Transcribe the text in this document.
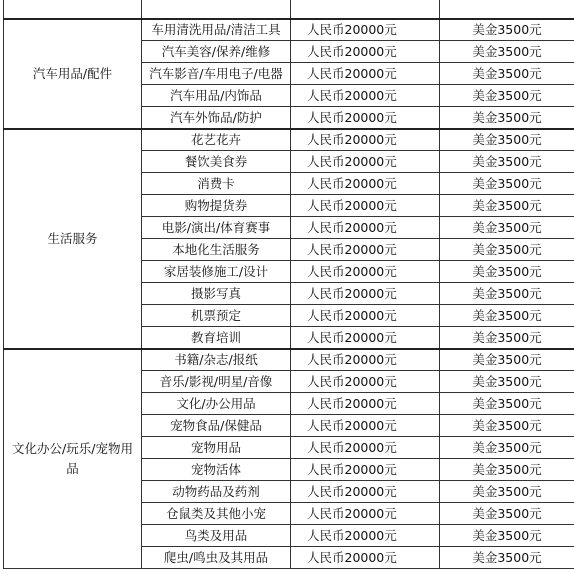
汽车用品/配件	车用清洗用品/清洁工具	人民币20000元	美金3500元
	汽车美容/保养/维修	人民币20000元	美金3500元
	汽车影音/车用电子/电器	人民币20000元	美金3500元
	汽车用品/内饰品	人民币20000元	美金3500元
	汽车外饰品/防护	人民币20000元	美金3500元
生活服务	花艺花卉	人民币20000元	美金3500元
	餐饮美食券	人民币20000元	美金3500元
	消费卡	人民币20000元	美金3500元
	购物提货券	人民币20000元	美金3500元
	电影/演出/体育赛事	人民币20000元	美金3500元
	本地化生活服务	人民币20000元	美金3500元
	家居装修施工/设计	人民币20000元	美金3500元
	摄影写真	人民币20000元	美金3500元
	机票预定	人民币20000元	美金3500元
	教育培训	人民币20000元	美金3500元
文化办公/玩乐/宠物用品	书籍/杂志/报纸	人民币20000元	美金3500元
	音乐/影视/明星/音像	人民币20000元	美金3500元
	文化/办公用品	人民币20000元	美金3500元
	宠物食品/保健品	人民币20000元	美金3500元
	宠物用品	人民币20000元	美金3500元
	宠物活体	人民币20000元	美金3500元
	动物药品及药剂	人民币20000元	美金3500元
	仓鼠类及其他小宠	人民币20000元	美金3500元
	鸟类及用品	人民币20000元	美金3500元
	爬虫/鸣虫及其用品	人民币20000元	美金3500元
